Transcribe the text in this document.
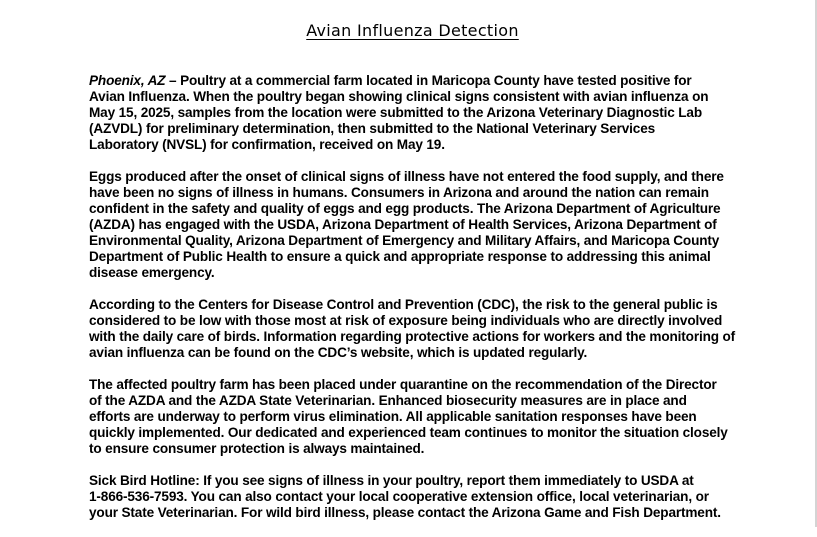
Avian Influenza Detection

Phoenix, AZ – Poultry at a commercial farm located in Maricopa County have tested positive for
Avian Influenza. When the poultry began showing clinical signs consistent with avian influenza on
May 15, 2025, samples from the location were submitted to the Arizona Veterinary Diagnostic Lab
(AZVDL) for preliminary determination, then submitted to the National Veterinary Services
Laboratory (NVSL) for confirmation, received on May 19.

Eggs produced after the onset of clinical signs of illness have not entered the food supply, and there
have been no signs of illness in humans. Consumers in Arizona and around the nation can remain
confident in the safety and quality of eggs and egg products. The Arizona Department of Agriculture
(AZDA) has engaged with the USDA, Arizona Department of Health Services, Arizona Department of
Environmental Quality, Arizona Department of Emergency and Military Affairs, and Maricopa County
Department of Public Health to ensure a quick and appropriate response to addressing this animal
disease emergency.

According to the Centers for Disease Control and Prevention (CDC), the risk to the general public is
considered to be low with those most at risk of exposure being individuals who are directly involved
with the daily care of birds. Information regarding protective actions for workers and the monitoring of
avian influenza can be found on the CDC’s website, which is updated regularly.

The affected poultry farm has been placed under quarantine on the recommendation of the Director
of the AZDA and the AZDA State Veterinarian. Enhanced biosecurity measures are in place and
efforts are underway to perform virus elimination. All applicable sanitation responses have been
quickly implemented. Our dedicated and experienced team continues to monitor the situation closely
to ensure consumer protection is always maintained.

Sick Bird Hotline: If you see signs of illness in your poultry, report them immediately to USDA at
1-866-536-7593. You can also contact your local cooperative extension office, local veterinarian, or
your State Veterinarian. For wild bird illness, please contact the Arizona Game and Fish Department.
